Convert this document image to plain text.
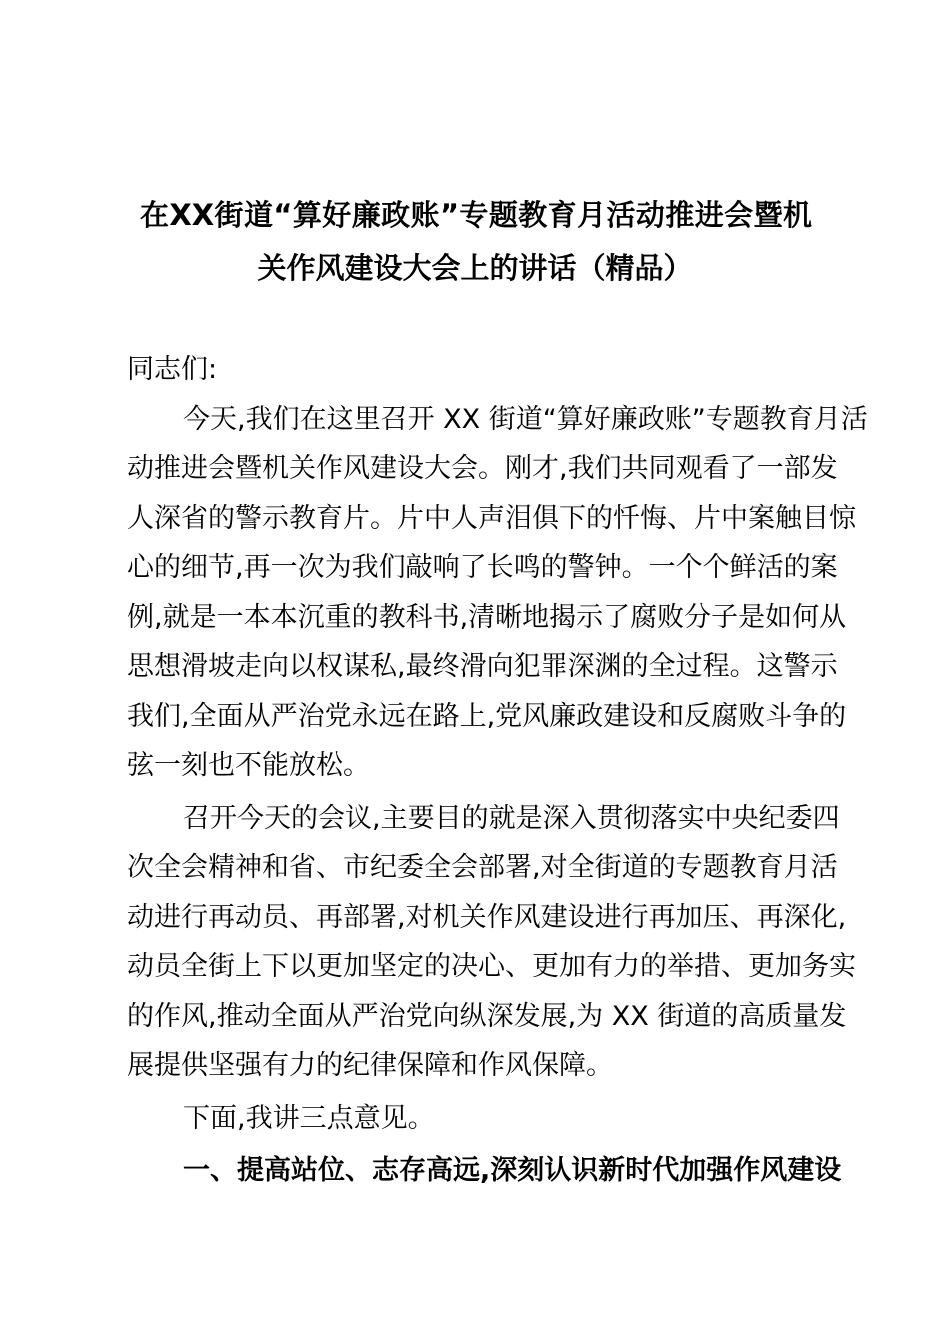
在XX街道“算好廉政账”专题教育月活动推进会暨机
关作风建设大会上的讲话（精品）
同志们:
今天,我们在这里召开 XX 街道“算好廉政账”专题教育月活
动推进会暨机关作风建设大会。刚才,我们共同观看了一部发
人深省的警示教育片。片中人声泪俱下的忏悔、片中案触目惊
心的细节,再一次为我们敲响了长鸣的警钟。一个个鲜活的案
例,就是一本本沉重的教科书,清晰地揭示了腐败分子是如何从
思想滑坡走向以权谋私,最终滑向犯罪深渊的全过程。这警示
我们,全面从严治党永远在路上,党风廉政建设和反腐败斗争的
弦一刻也不能放松。
召开今天的会议,主要目的就是深入贯彻落实中央纪委四
次全会精神和省、市纪委全会部署,对全街道的专题教育月活
动进行再动员、再部署,对机关作风建设进行再加压、再深化,
动员全街上下以更加坚定的决心、更加有力的举措、更加务实
的作风,推动全面从严治党向纵深发展,为 XX 街道的高质量发
展提供坚强有力的纪律保障和作风保障。
下面,我讲三点意见。
一、提高站位、志存高远,深刻认识新时代加强作风建设
